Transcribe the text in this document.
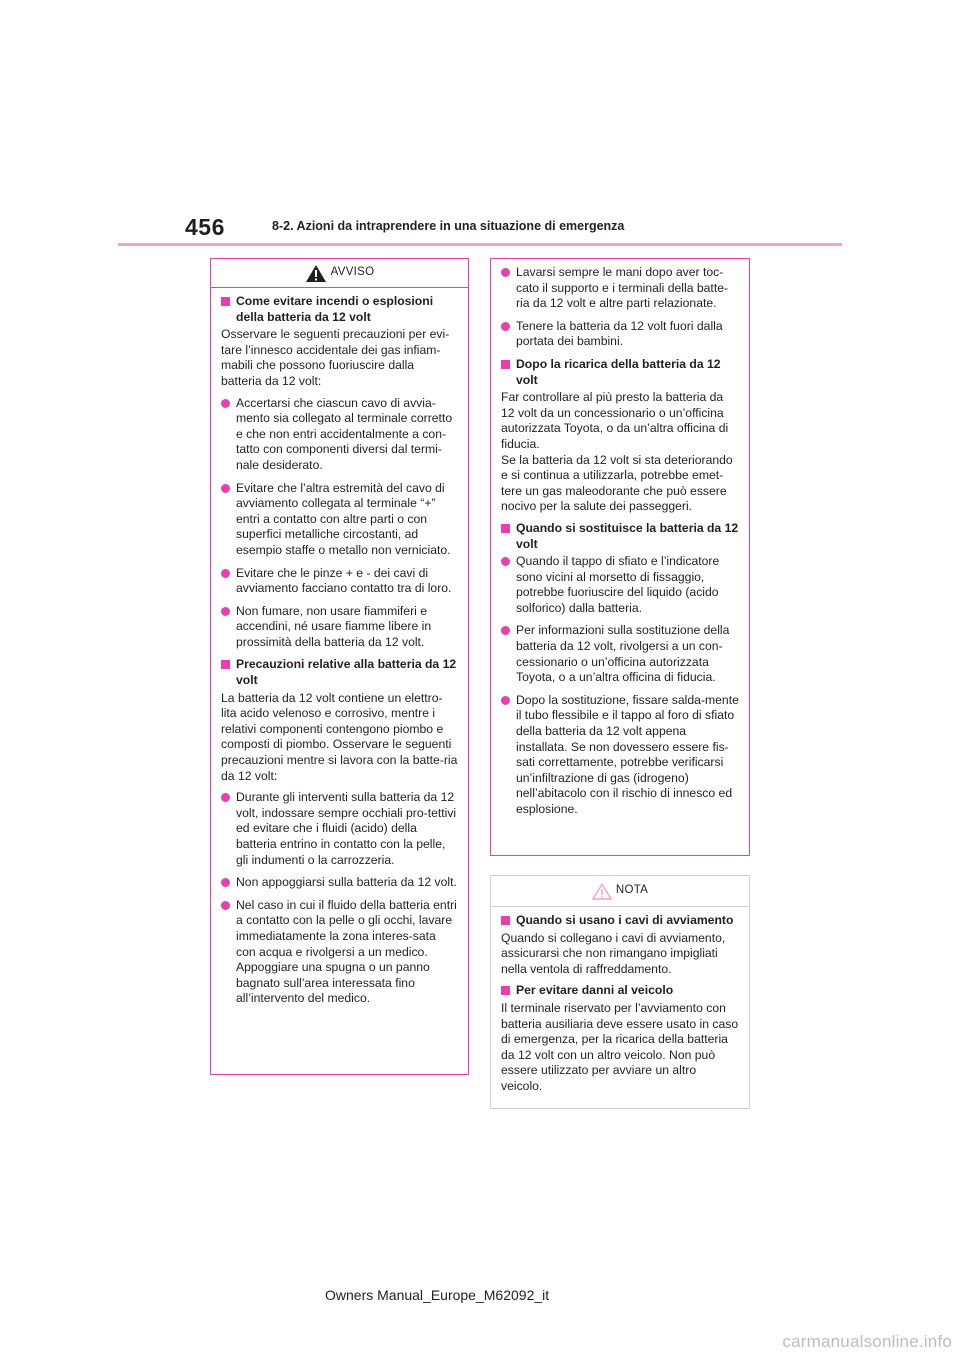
456	8-2. Azioni da intraprendere in una situazione di emergenza
AVVISO
Come evitare incendi o esplosioni della batteria da 12 volt
Osservare le seguenti precauzioni per evi-tare l’innesco accidentale dei gas infiam-mabili che possono fuoriuscire dalla batteria da 12 volt:
Accertarsi che ciascun cavo di avvia-mento sia collegato al terminale corretto e che non entri accidentalmente a con-tatto con componenti diversi dal termi-nale desiderato.
Evitare che l’altra estremità del cavo di avviamento collegata al terminale “+” entri a contatto con altre parti o con superfici metalliche circostanti, ad esempio staffe o metallo non verniciato.
Evitare che le pinze + e - dei cavi di avviamento facciano contatto tra di loro.
Non fumare, non usare fiammiferi e accendini, né usare fiamme libere in prossimità della batteria da 12 volt.
Precauzioni relative alla batteria da 12 volt
La batteria da 12 volt contiene un elettro-lita acido velenoso e corrosivo, mentre i relativi componenti contengono piombo e composti di piombo. Osservare le seguenti precauzioni mentre si lavora con la batte-ria da 12 volt:
Durante gli interventi sulla batteria da 12 volt, indossare sempre occhiali pro-tettivi ed evitare che i fluidi (acido) della batteria entrino in contatto con la pelle, gli indumenti o la carrozzeria.
Non appoggiarsi sulla batteria da 12 volt.
Nel caso in cui il fluido della batteria entri a contatto con la pelle o gli occhi, lavare immediatamente la zona interes-sata con acqua e rivolgersi a un medico. Appoggiare una spugna o un panno bagnato sull’area interessata fino all’intervento del medico.
Lavarsi sempre le mani dopo aver toc-cato il supporto e i terminali della batte-ria da 12 volt e altre parti relazionate.
Tenere la batteria da 12 volt fuori dalla portata dei bambini.
Dopo la ricarica della batteria da 12 volt
Far controllare al più presto la batteria da 12 volt da un concessionario o un’officina autorizzata Toyota, o da un’altra officina di fiducia.
Se la batteria da 12 volt si sta deteriorando e si continua a utilizzarla, potrebbe emet-tere un gas maleodorante che può essere nocivo per la salute dei passeggeri.
Quando si sostituisce la batteria da 12 volt
Quando il tappo di sfiato e l’indicatore sono vicini al morsetto di fissaggio, potrebbe fuoriuscire del liquido (acido solforico) dalla batteria.
Per informazioni sulla sostituzione della batteria da 12 volt, rivolgersi a un con-cessionario o un’officina autorizzata Toyota, o a un’altra officina di fiducia.
Dopo la sostituzione, fissare salda-mente il tubo flessibile e il tappo al foro di sfiato della batteria da 12 volt appena installata. Se non dovessero essere fis-sati correttamente, potrebbe verificarsi un’infiltrazione di gas (idrogeno) nell’abitacolo con il rischio di innesco ed esplosione.
NOTA
Quando si usano i cavi di avviamento
Quando si collegano i cavi di avviamento, assicurarsi che non rimangano impigliati nella ventola di raffreddamento.
Per evitare danni al veicolo
Il terminale riservato per l’avviamento con batteria ausiliaria deve essere usato in caso di emergenza, per la ricarica della batteria da 12 volt con un altro veicolo. Non può essere utilizzato per avviare un altro veicolo.
Owners Manual_Europe_M62092_it
carmanualsonline.info
